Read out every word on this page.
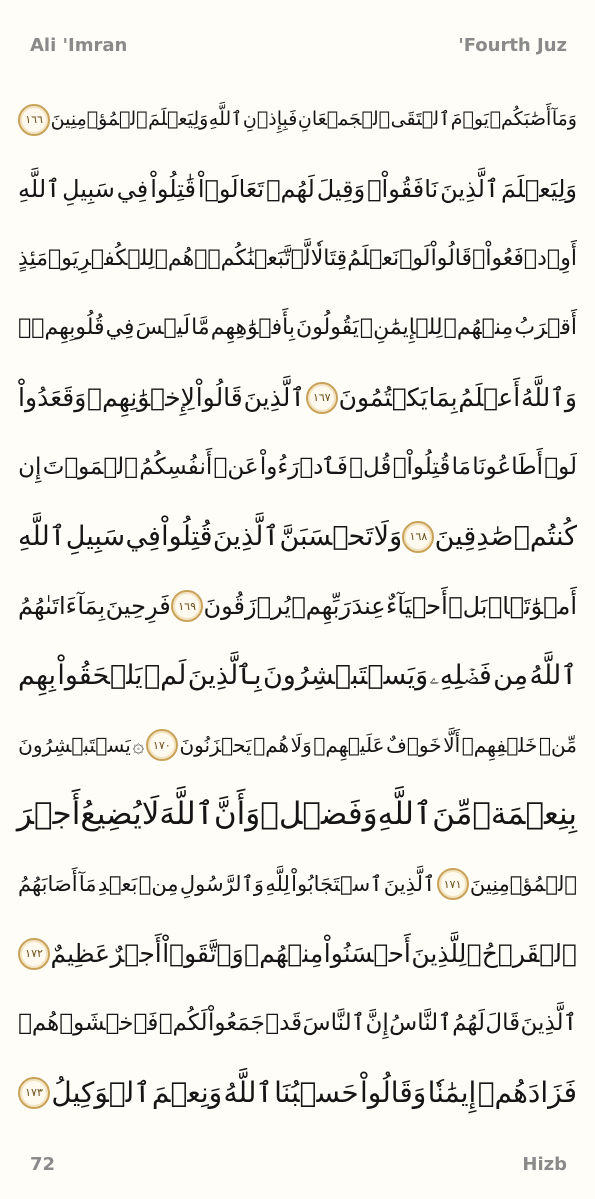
Ali 'Imran	'Fourth Juz
وَمَآ
أَصَٰبَكُمۡ
يَوۡمَ
ٱلۡتَقَى
ٱلۡجَمۡعَانِ
فَبِإِذۡنِ
ٱللَّهِ
وَلِيَعۡلَمَ
ٱلۡمُؤۡمِنِينَ
١٦٦
وَلِيَعۡلَمَ
ٱلَّذِينَ
نَافَقُواْۚ
وَقِيلَ
لَهُمۡ
تَعَالَوۡاْ
قَٰتِلُواْ
فِي
سَبِيلِ
ٱللَّهِ
أَوِ
ٱدۡفَعُواْۖ
قَالُواْ
لَوۡ
نَعۡلَمُ
قِتَالٗا
لَّٱتَّبَعۡنَٰكُمۡۗ
هُمۡ
لِلۡكُفۡرِ
يَوۡمَئِذٍ
أَقۡرَبُ
مِنۡهُمۡ
لِلۡإِيمَٰنِۚ
يَقُولُونَ
بِأَفۡوَٰهِهِم
مَّا
لَيۡسَ
فِي
قُلُوبِهِمۡۚ
وَٱللَّهُ
أَعۡلَمُ
بِمَا
يَكۡتُمُونَ
١٦٧
ٱلَّذِينَ
قَالُواْ
لِإِخۡوَٰنِهِمۡ
وَقَعَدُواْ
لَوۡ
أَطَاعُونَا
مَا
قُتِلُواْۗ
قُلۡ
فَٱدۡرَءُواْ
عَنۡ
أَنفُسِكُمُ
ٱلۡمَوۡتَ
إِن
كُنتُمۡ
صَٰدِقِينَ
١٦٨
وَلَا
تَحۡسَبَنَّ
ٱلَّذِينَ
قُتِلُواْ
فِي
سَبِيلِ
ٱللَّهِ
أَمۡوَٰتَۢاۚ
بَلۡ
أَحۡيَآءٌ
عِندَ
رَبِّهِمۡ
يُرۡزَقُونَ
١٦٩
فَرِحِينَ
بِمَآ
ءَاتَىٰهُمُ
ٱللَّهُ
مِن
فَضۡلِهِۦ
وَيَسۡتَبۡشِرُونَ
بِٱلَّذِينَ
لَمۡ
يَلۡحَقُواْ
بِهِم
مِّنۡ
خَلۡفِهِمۡ
أَلَّا
خَوۡفٌ
عَلَيۡهِمۡ
وَلَا
هُمۡ
يَحۡزَنُونَ
١٧٠
۞
يَسۡتَبۡشِرُونَ
بِنِعۡمَةٖ
مِّنَ
ٱللَّهِ
وَفَضۡلٖ
وَأَنَّ
ٱللَّهَ
لَا
يُضِيعُ
أَجۡرَ
ٱلۡمُؤۡمِنِينَ
١٧١
ٱلَّذِينَ
ٱسۡتَجَابُواْ
لِلَّهِ
وَٱلرَّسُولِ
مِنۢ
بَعۡدِ
مَآ
أَصَابَهُمُ
ٱلۡقَرۡحُۚ
لِلَّذِينَ
أَحۡسَنُواْ
مِنۡهُمۡ
وَٱتَّقَوۡاْ
أَجۡرٌ
عَظِيمٌ
١٧٢
ٱلَّذِينَ
قَالَ
لَهُمُ
ٱلنَّاسُ
إِنَّ
ٱلنَّاسَ
قَدۡ
جَمَعُواْ
لَكُمۡ
فَٱخۡشَوۡهُمۡ
فَزَادَهُمۡ
إِيمَٰنٗا
وَقَالُواْ
حَسۡبُنَا
ٱللَّهُ
وَنِعۡمَ
ٱلۡوَكِيلُ
١٧٣
72	Hizb
